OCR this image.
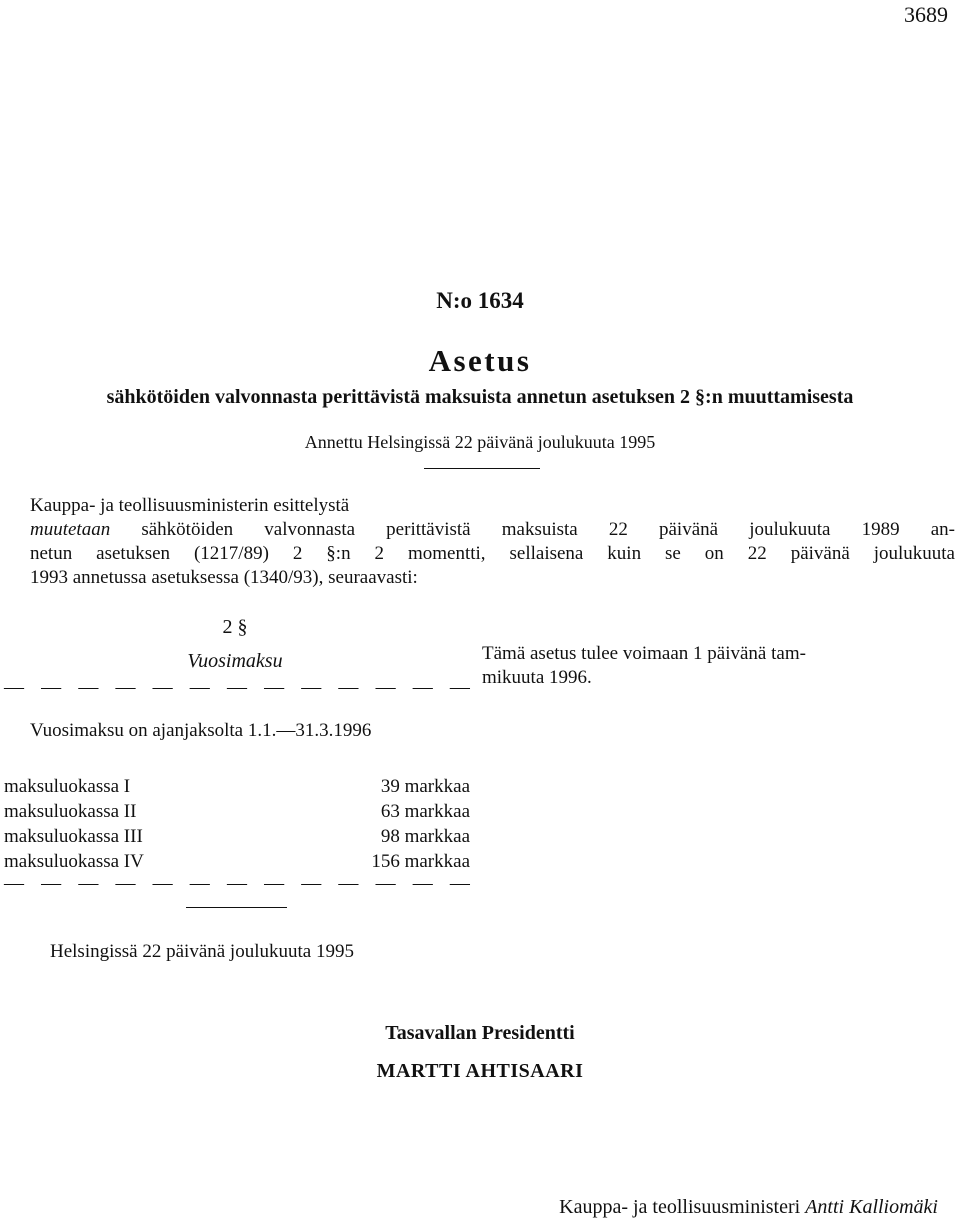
3689
N:o 1634
Asetus
sähkötöiden valvonnasta perittävistä maksuista annetun asetuksen 2 §:n muuttamisesta
Annettu Helsingissä 22 päivänä joulukuuta 1995
Kauppa- ja teollisuusministerin esittelystä
muutetaan sähkötöiden valvonnasta perittävistä maksuista 22 päivänä joulukuuta 1989 an-
netun asetuksen (1217/89) 2 §:n 2 momentti, sellaisena kuin se on 22 päivänä joulukuuta
1993 annetussa asetuksessa (1340/93), seuraavasti:
2 §
Vuosimaksu
— — — — — — — — — — — — —
Vuosimaksu on ajanjaksolta 1.1.—31.3.1996
maksuluokassa I	39 markkaa
maksuluokassa II	63 markkaa
maksuluokassa III	98 markkaa
maksuluokassa IV	156 markkaa
— — — — — — — — — — — — —
Helsingissä 22 päivänä joulukuuta 1995
Tämä asetus tulee voimaan 1 päivänä tam-
mikuuta 1996.
Tasavallan Presidentti
MARTTI AHTISAARI
Kauppa- ja teollisuusministeri Antti Kalliomäki
